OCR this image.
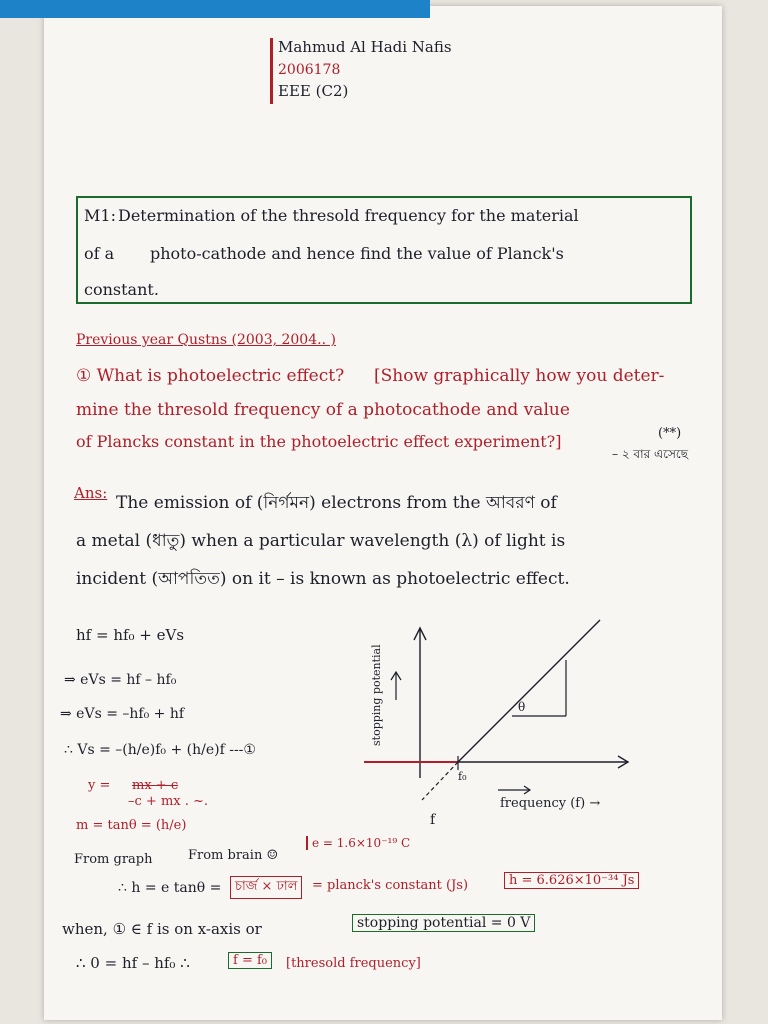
Mahmud Al Hadi Nafis
2006178
EEE (C2)
M1: Determination of the thresold frequency for the material
of a photo-cathode and hence find the value of Planck's
constant.
Previous year Qustns (2003, 2004.. )
① What is photoelectric effect? [Show graphically how you deter-
mine the thresold frequency of a photocathode and value
of Plancks constant in the photoelectric effect experiment?]	(**)
– ২ বার এসেছে
Ans: The emission of (নির্গমন) electrons from the আবরণ of
a metal (ধাতু) when a particular wavelength (λ) of light is
incident (আপতিত) on it – is known as photoelectric effect.
hf = hf₀ + eVs
⇒ eVs = hf – hf₀
⇒ eVs = –hf₀ + hf
∴ Vs = –(h/e)f₀ + (h/e)f ---①
y = mx + c
–c + mx . ~.
m = tanθ = (h/e)
From graph	From brain ☺
e = 1.6×10⁻¹⁹ C
∴ h = e tanθ =	চার্জ × ঢাল	= planck's constant (Js)	h = 6.626×10⁻³⁴ Js
when, ① ∈ f is on x-axis or	stopping potential = 0 V
∴ 0 = hf – hf₀ ∴	f = f₀	[thresold frequency]
stopping potential
frequency (f) →
f₀
θ
f
